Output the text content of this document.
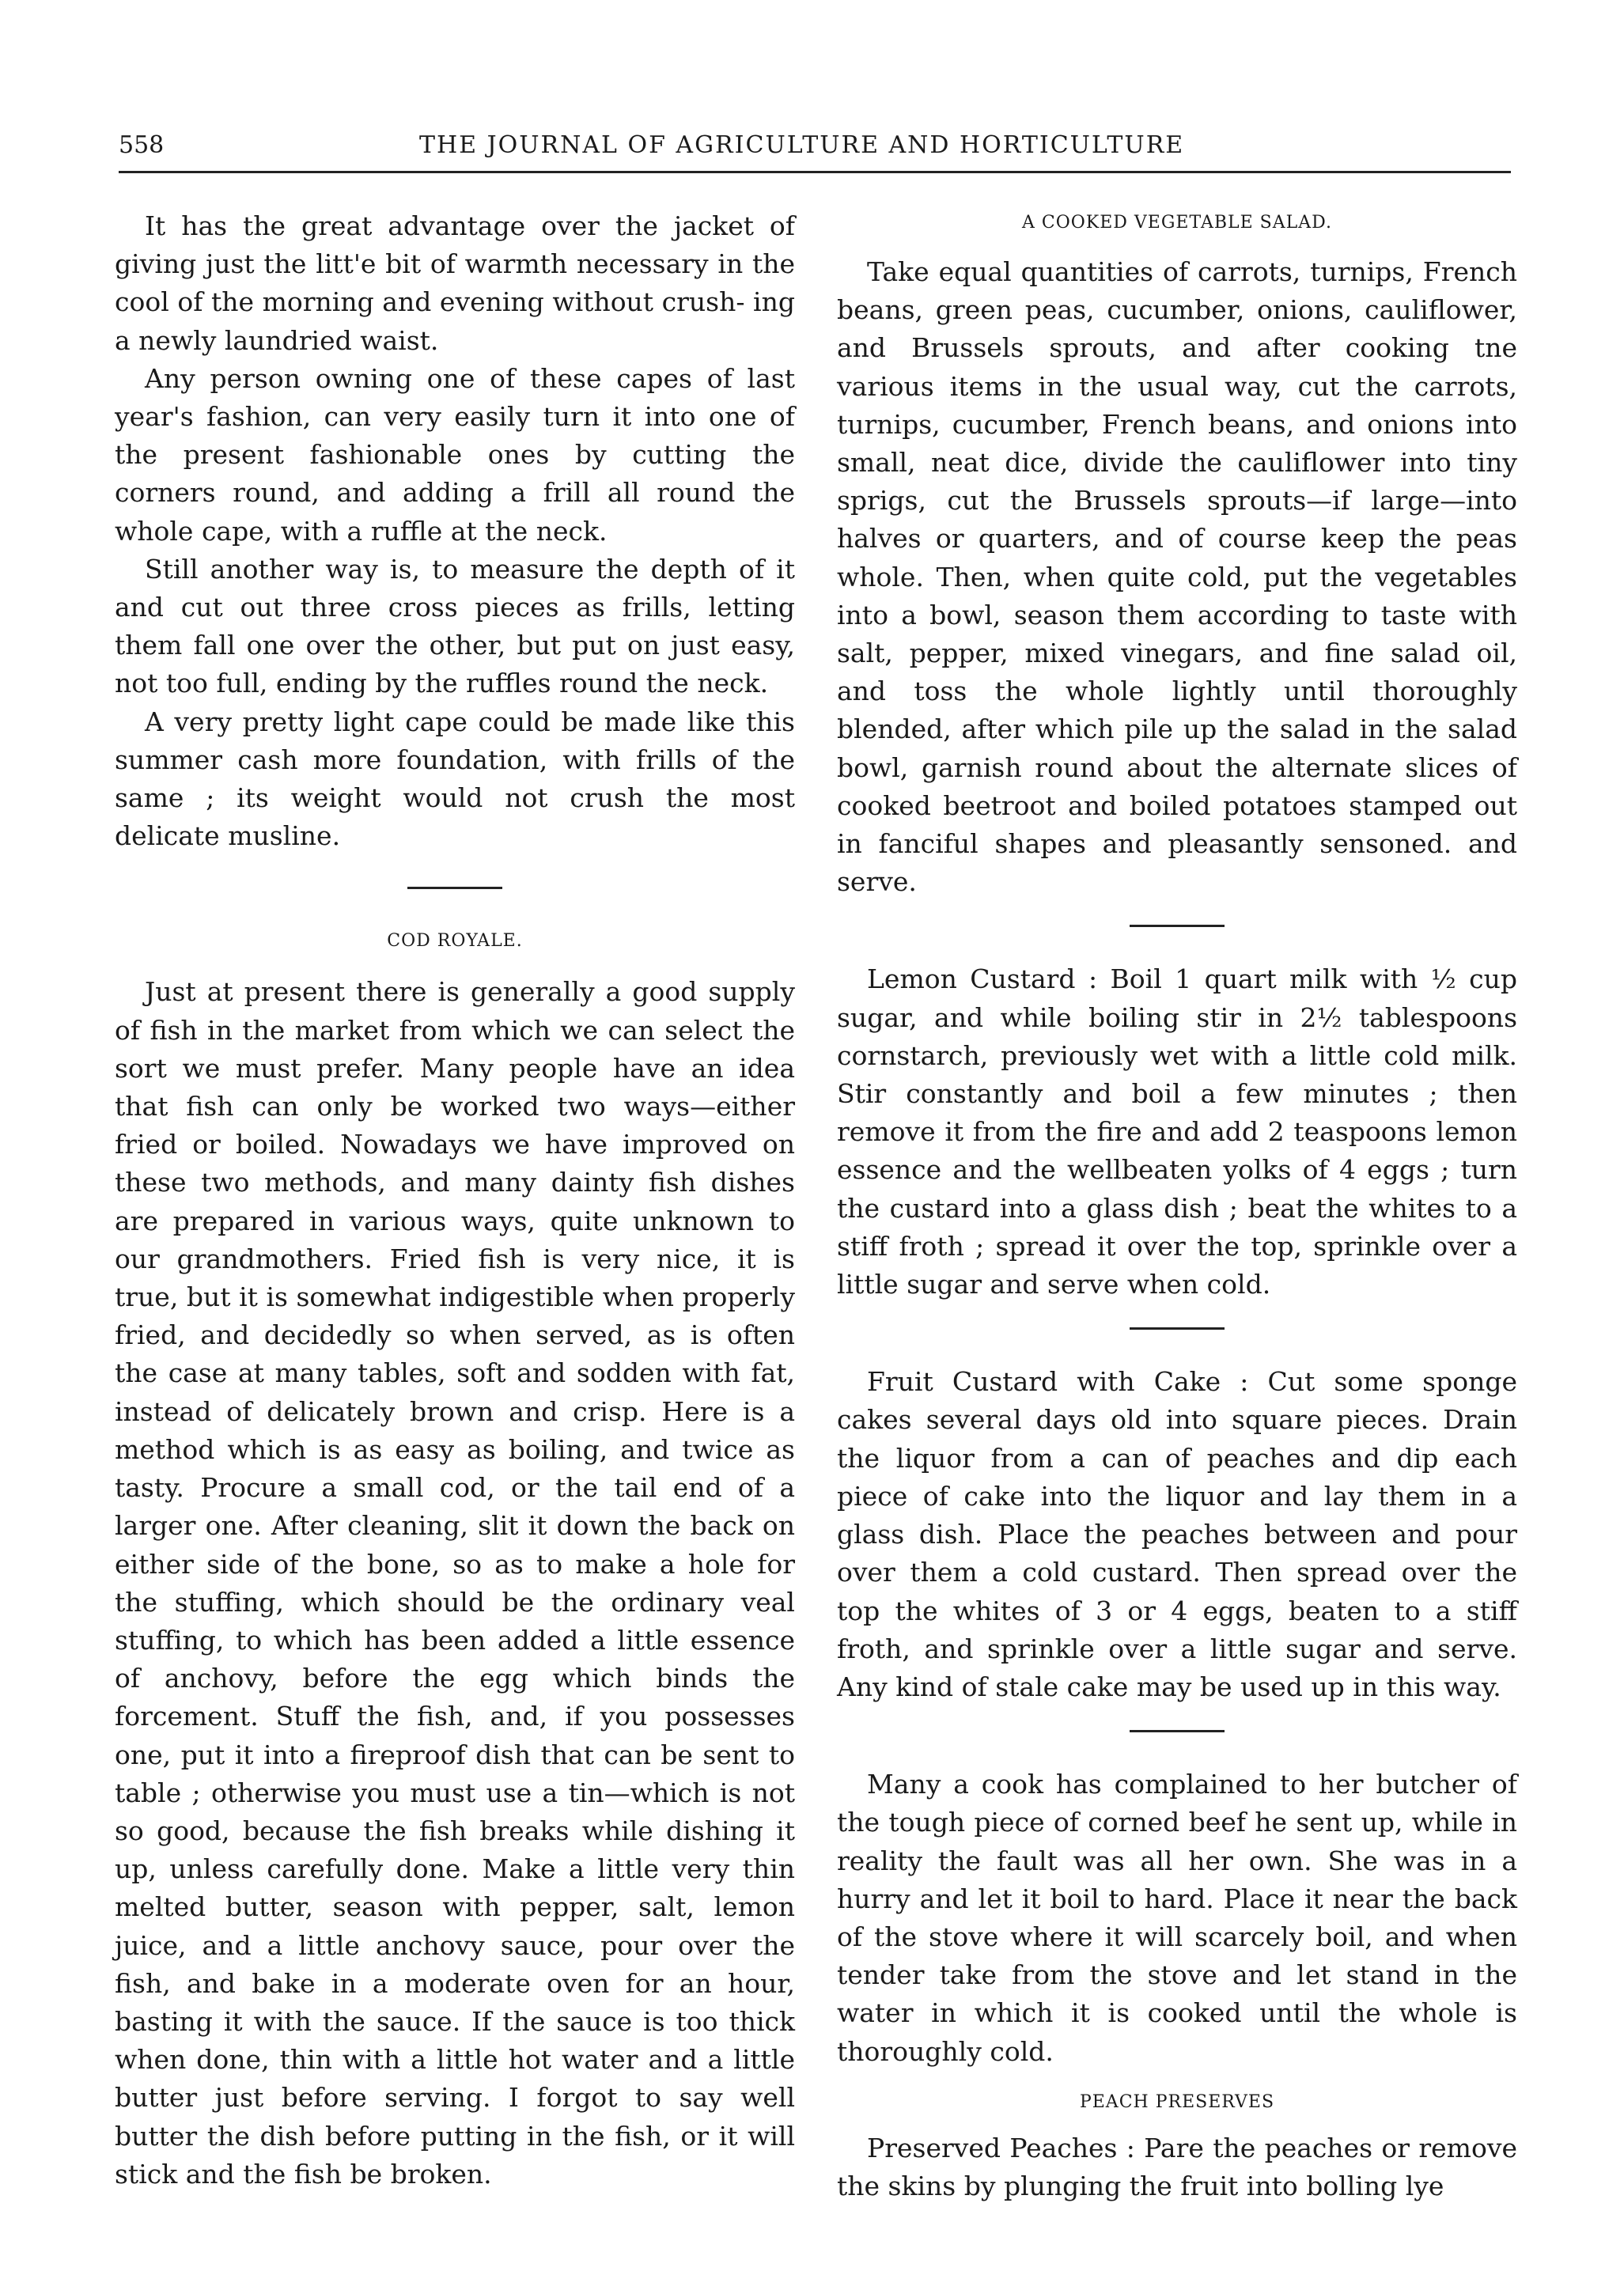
558	THE JOURNAL OF AGRICULTURE AND HORTICULTURE

It has the great advantage over the jacket of giving just the litt'e bit of warmth necessary in the cool of the morning and evening without crush- ing a newly laundried waist.

Any person owning one of these capes of last year's fashion, can very easily turn it into one of the present fashionable ones by cutting the corners round, and adding a frill all round the whole cape, with a ruffle at the neck.

Still another way is, to measure the depth of it and cut out three cross pieces as frills, letting them fall one over the other, but put on just easy, not too full, ending by the ruffles round the neck.

A very pretty light cape could be made like this summer cash more foundation, with frills of the same ; its weight would not crush the most delicate musline.

COD ROYALE.

Just at present there is generally a good supply of fish in the market from which we can select the sort we must prefer. Many people have an idea that fish can only be worked two ways—either fried or boiled. Nowadays we have improved on these two methods, and many dainty fish dishes are prepared in various ways, quite unknown to our grandmothers. Fried fish is very nice, it is true, but it is somewhat indigestible when properly fried, and decidedly so when served, as is often the case at many tables, soft and sodden with fat, instead of delicately brown and crisp. Here is a method which is as easy as boiling, and twice as tasty. Procure a small cod, or the tail end of a larger one. After cleaning, slit it down the back on either side of the bone, so as to make a hole for the stuffing, which should be the ordinary veal stuffing, to which has been added a little essence of anchovy, before the egg which binds the forcement. Stuff the fish, and, if you possesses one, put it into a fireproof dish that can be sent to table ; otherwise you must use a tin—which is not so good, because the fish breaks while dishing it up, unless carefully done. Make a little very thin melted butter, season with pepper, salt, lemon juice, and a little anchovy sauce, pour over the fish, and bake in a moderate oven for an hour, basting it with the sauce. If the sauce is too thick when done, thin with a little hot water and a little butter just before serving. I forgot to say well butter the dish before putting in the fish, or it will stick and the fish be broken.

A COOKED VEGETABLE SALAD.

Take equal quantities of carrots, turnips, French beans, green peas, cucumber, onions, cauliflower, and Brussels sprouts, and after cooking tne various items in the usual way, cut the carrots, turnips, cucumber, French beans, and onions into small, neat dice, divide the cauliflower into tiny sprigs, cut the Brussels sprouts—if large—into halves or quarters, and of course keep the peas whole. Then, when quite cold, put the vegetables into a bowl, season them according to taste with salt, pepper, mixed vinegars, and fine salad oil, and toss the whole lightly until thoroughly blended, after which pile up the salad in the salad bowl, garnish round about the alternate slices of cooked beetroot and boiled potatoes stamped out in fanciful shapes and pleasantly sensoned. and serve.

Lemon Custard : Boil 1 quart milk with ½ cup sugar, and while boiling stir in 2½ tablespoons cornstarch, previously wet with a little cold milk. Stir constantly and boil a few minutes ; then remove it from the fire and add 2 teaspoons lemon essence and the wellbeaten yolks of 4 eggs ; turn the custard into a glass dish ; beat the whites to a stiff froth ; spread it over the top, sprinkle over a little sugar and serve when cold.

Fruit Custard with Cake : Cut some sponge cakes several days old into square pieces. Drain the liquor from a can of peaches and dip each piece of cake into the liquor and lay them in a glass dish. Place the peaches between and pour over them a cold custard. Then spread over the top the whites of 3 or 4 eggs, beaten to a stiff froth, and sprinkle over a little sugar and serve. Any kind of stale cake may be used up in this way.

Many a cook has complained to her butcher of the tough piece of corned beef he sent up, while in reality the fault was all her own. She was in a hurry and let it boil to hard. Place it near the back of the stove where it will scarcely boil, and when tender take from the stove and let stand in the water in which it is cooked until the whole is thoroughly cold.

PEACH PRESERVES

Preserved Peaches : Pare the peaches or remove the skins by plunging the fruit into bolling lye
